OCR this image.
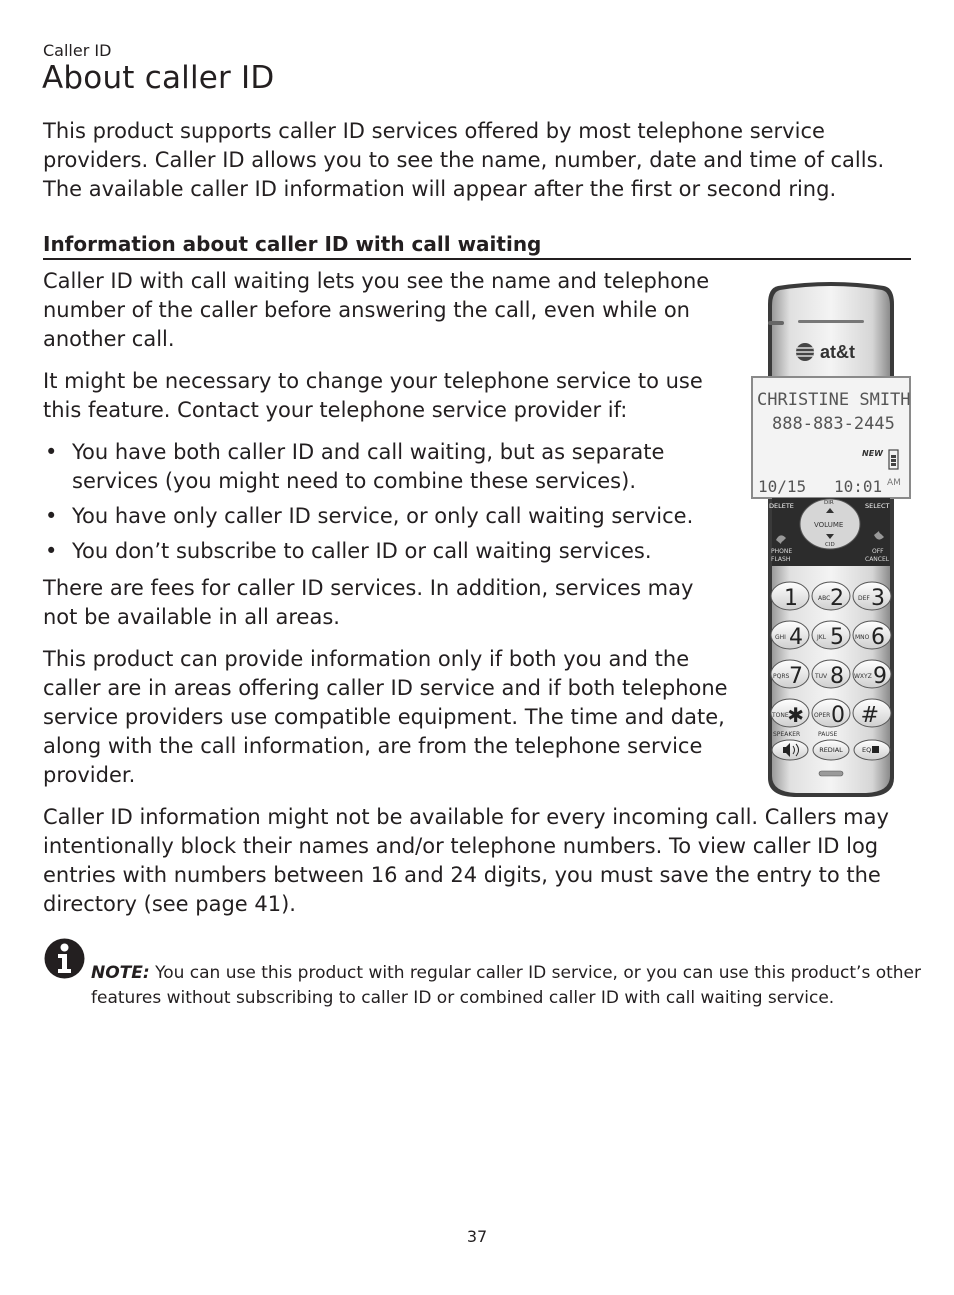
Caller ID
About caller ID

This product supports caller ID services offered by most telephone service providers. Caller ID allows you to see the name, number, date and time of calls. The available caller ID information will appear after the first or second ring.

Information about caller ID with call waiting

Caller ID with call waiting lets you see the name and telephone number of the caller before answering the call, even while on another call.

It might be necessary to change your telephone service to use this feature. Contact your telephone service provider if:

• You have both caller ID and call waiting, but as separate services (you might need to combine these services).
• You have only caller ID service, or only call waiting service.
• You don’t subscribe to caller ID or call waiting services.

There are fees for caller ID services. In addition, services may not be available in all areas.

This product can provide information only if both you and the caller are in areas offering caller ID service and if both telephone service providers use compatible equipment. The time and date, along with the call information, are from the telephone service provider.

Caller ID information might not be available for every incoming call. Callers may intentionally block their names and/or telephone numbers. To view caller ID log entries with numbers between 16 and 24 digits, you must save the entry to the directory (see page 41).

NOTE: You can use this product with regular caller ID service, or you can use this product’s other features without subscribing to caller ID or combined caller ID with call waiting service.

37
at&t
CHRISTINE SMITH
888-883-2445
NEW
10/15 10:01 AM
DELETE	SELECT
DIR
VOLUME
CID
PHONE
FLASH
OFF
CANCEL
1	ABC 2 DEF 3
GHI 4 JKL 5 MNO 6
PQRS 7 TUV 8 WXYZ 9
TONE
✱ OPER 0 #
SPEAKER	PAUSE
REDIAL	EQ
